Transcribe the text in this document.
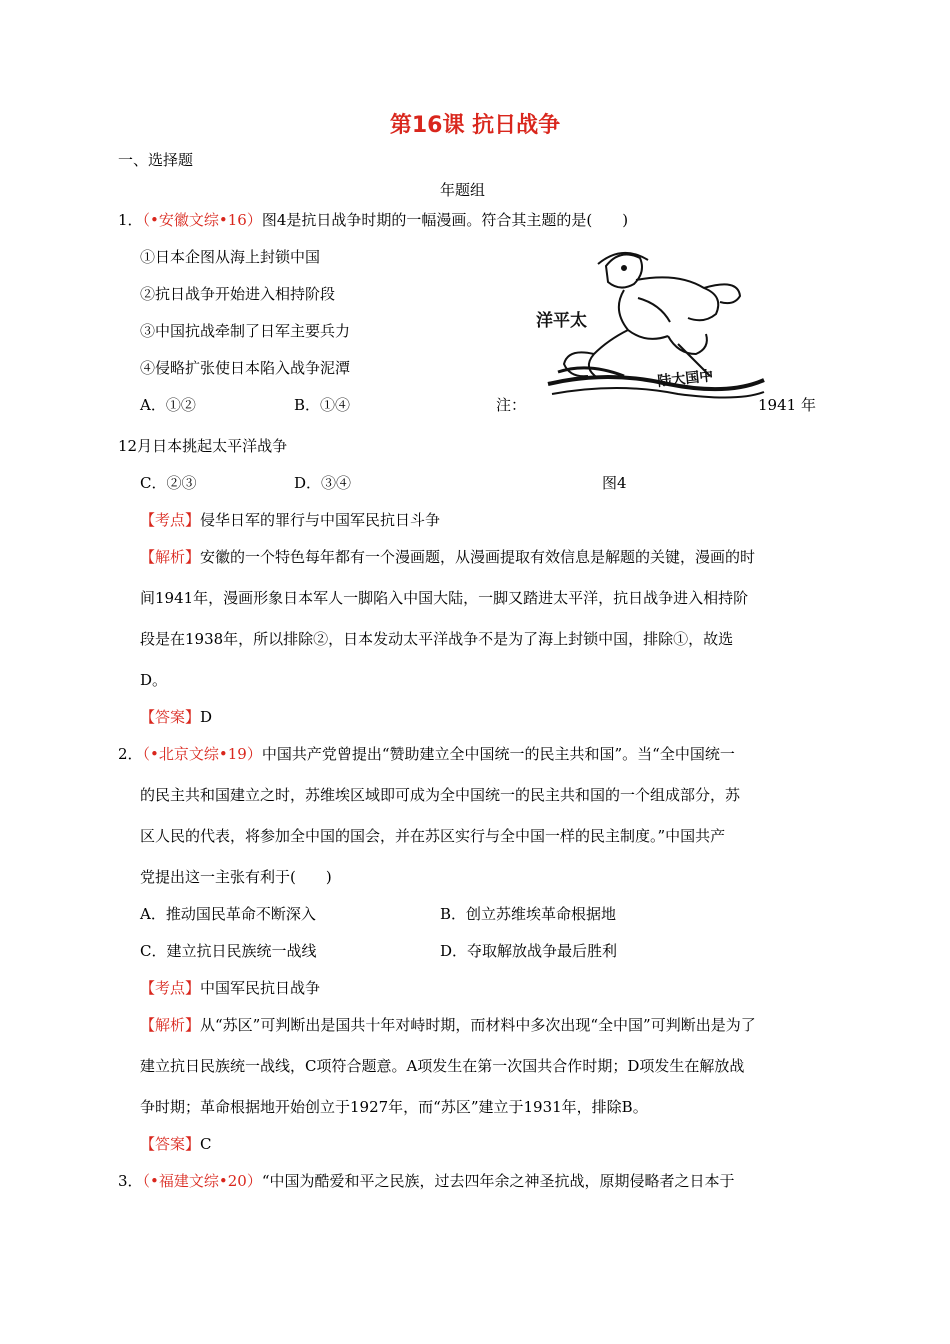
第16课 抗日战争
一、选择题
年题组
1．（•安徽文综•16）图4是抗日战争时期的一幅漫画。符合其主题的是(　　)
①日本企图从海上封锁中国
②抗日战争开始进入相持阶段
③中国抗战牵制了日军主要兵力
④侵略扩张使日本陷入战争泥潭
洋平太
陆大国中
A．①②	B．①④	注：	1941 年
12月日本挑起太平洋战争
C．②③	D．③④	图4
【考点】侵华日军的罪行与中国军民抗日斗争
【解析】安徽的一个特色每年都有一个漫画题，从漫画提取有效信息是解题的关键，漫画的时
间1941年，漫画形象日本军人一脚陷入中国大陆，一脚又踏进太平洋，抗日战争进入相持阶
段是在1938年，所以排除②，日本发动太平洋战争不是为了海上封锁中国，排除①，故选
D。
【答案】D
2．（•北京文综•19）中国共产党曾提出“赞助建立全中国统一的民主共和国”。当“全中国统一
的民主共和国建立之时，苏维埃区域即可成为全中国统一的民主共和国的一个组成部分，苏
区人民的代表，将参加全中国的国会，并在苏区实行与全中国一样的民主制度。”中国共产
党提出这一主张有利于(　　)
A．推动国民革命不断深入	B．创立苏维埃革命根据地
C．建立抗日民族统一战线	D．夺取解放战争最后胜利
【考点】中国军民抗日战争
【解析】从“苏区”可判断出是国共十年对峙时期，而材料中多次出现“全中国”可判断出是为了
建立抗日民族统一战线，C项符合题意。A项发生在第一次国共合作时期；D项发生在解放战
争时期；革命根据地开始创立于1927年，而“苏区”建立于1931年，排除B。
【答案】C
3．（•福建文综•20）“中国为酷爱和平之民族，过去四年余之神圣抗战，原期侵略者之日本于
